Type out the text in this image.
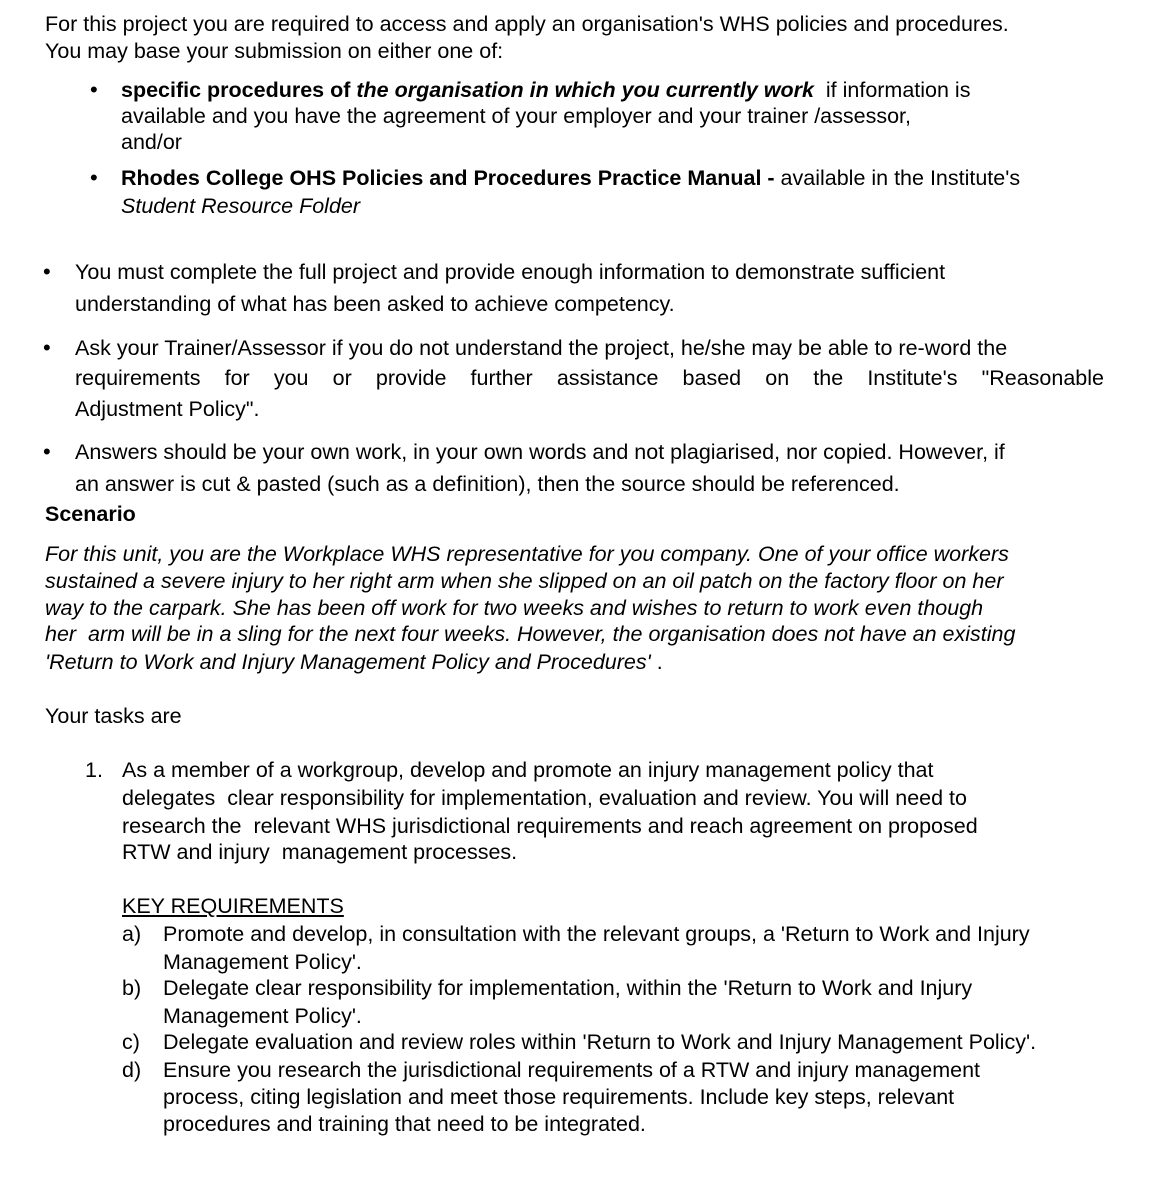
For this project you are required to access and apply an organisation's WHS policies and procedures.
You may base your submission on either one of:
• specific procedures of the organisation in which you currently work  if information is
available and you have the agreement of your employer and your trainer /assessor,
and/or
• Rhodes College OHS Policies and Procedures Practice Manual - available in the Institute's
Student Resource Folder
• You must complete the full project and provide enough information to demonstrate sufficient
understanding of what has been asked to achieve competency.
• Ask your Trainer/Assessor if you do not understand the project, he/she may be able to re-word the
requirements for you or provide further assistance based on the Institute's "Reasonable
Adjustment Policy".
• Answers should be your own work, in your own words and not plagiarised, nor copied. However, if
an answer is cut & pasted (such as a definition), then the source should be referenced.
Scenario
For this unit, you are the Workplace WHS representative for you company. One of your office workers
sustained a severe injury to her right arm when she slipped on an oil patch on the factory floor on her
way to the carpark. She has been off work for two weeks and wishes to return to work even though
her  arm will be in a sling for the next four weeks. However, the organisation does not have an existing
'Return to Work and Injury Management Policy and Procedures' .
Your tasks are
1. As a member of a workgroup, develop and promote an injury management policy that
delegates  clear responsibility for implementation, evaluation and review. You will need to
research the  relevant WHS jurisdictional requirements and reach agreement on proposed
RTW and injury  management processes.
KEY REQUIREMENTS
a) Promote and develop, in consultation with the relevant groups, a 'Return to Work and Injury
Management Policy'.
b) Delegate clear responsibility for implementation, within the 'Return to Work and Injury
Management Policy'.
c) Delegate evaluation and review roles within 'Return to Work and Injury Management Policy'.
d) Ensure you research the jurisdictional requirements of a RTW and injury management
process, citing legislation and meet those requirements. Include key steps, relevant
procedures and training that need to be integrated.
